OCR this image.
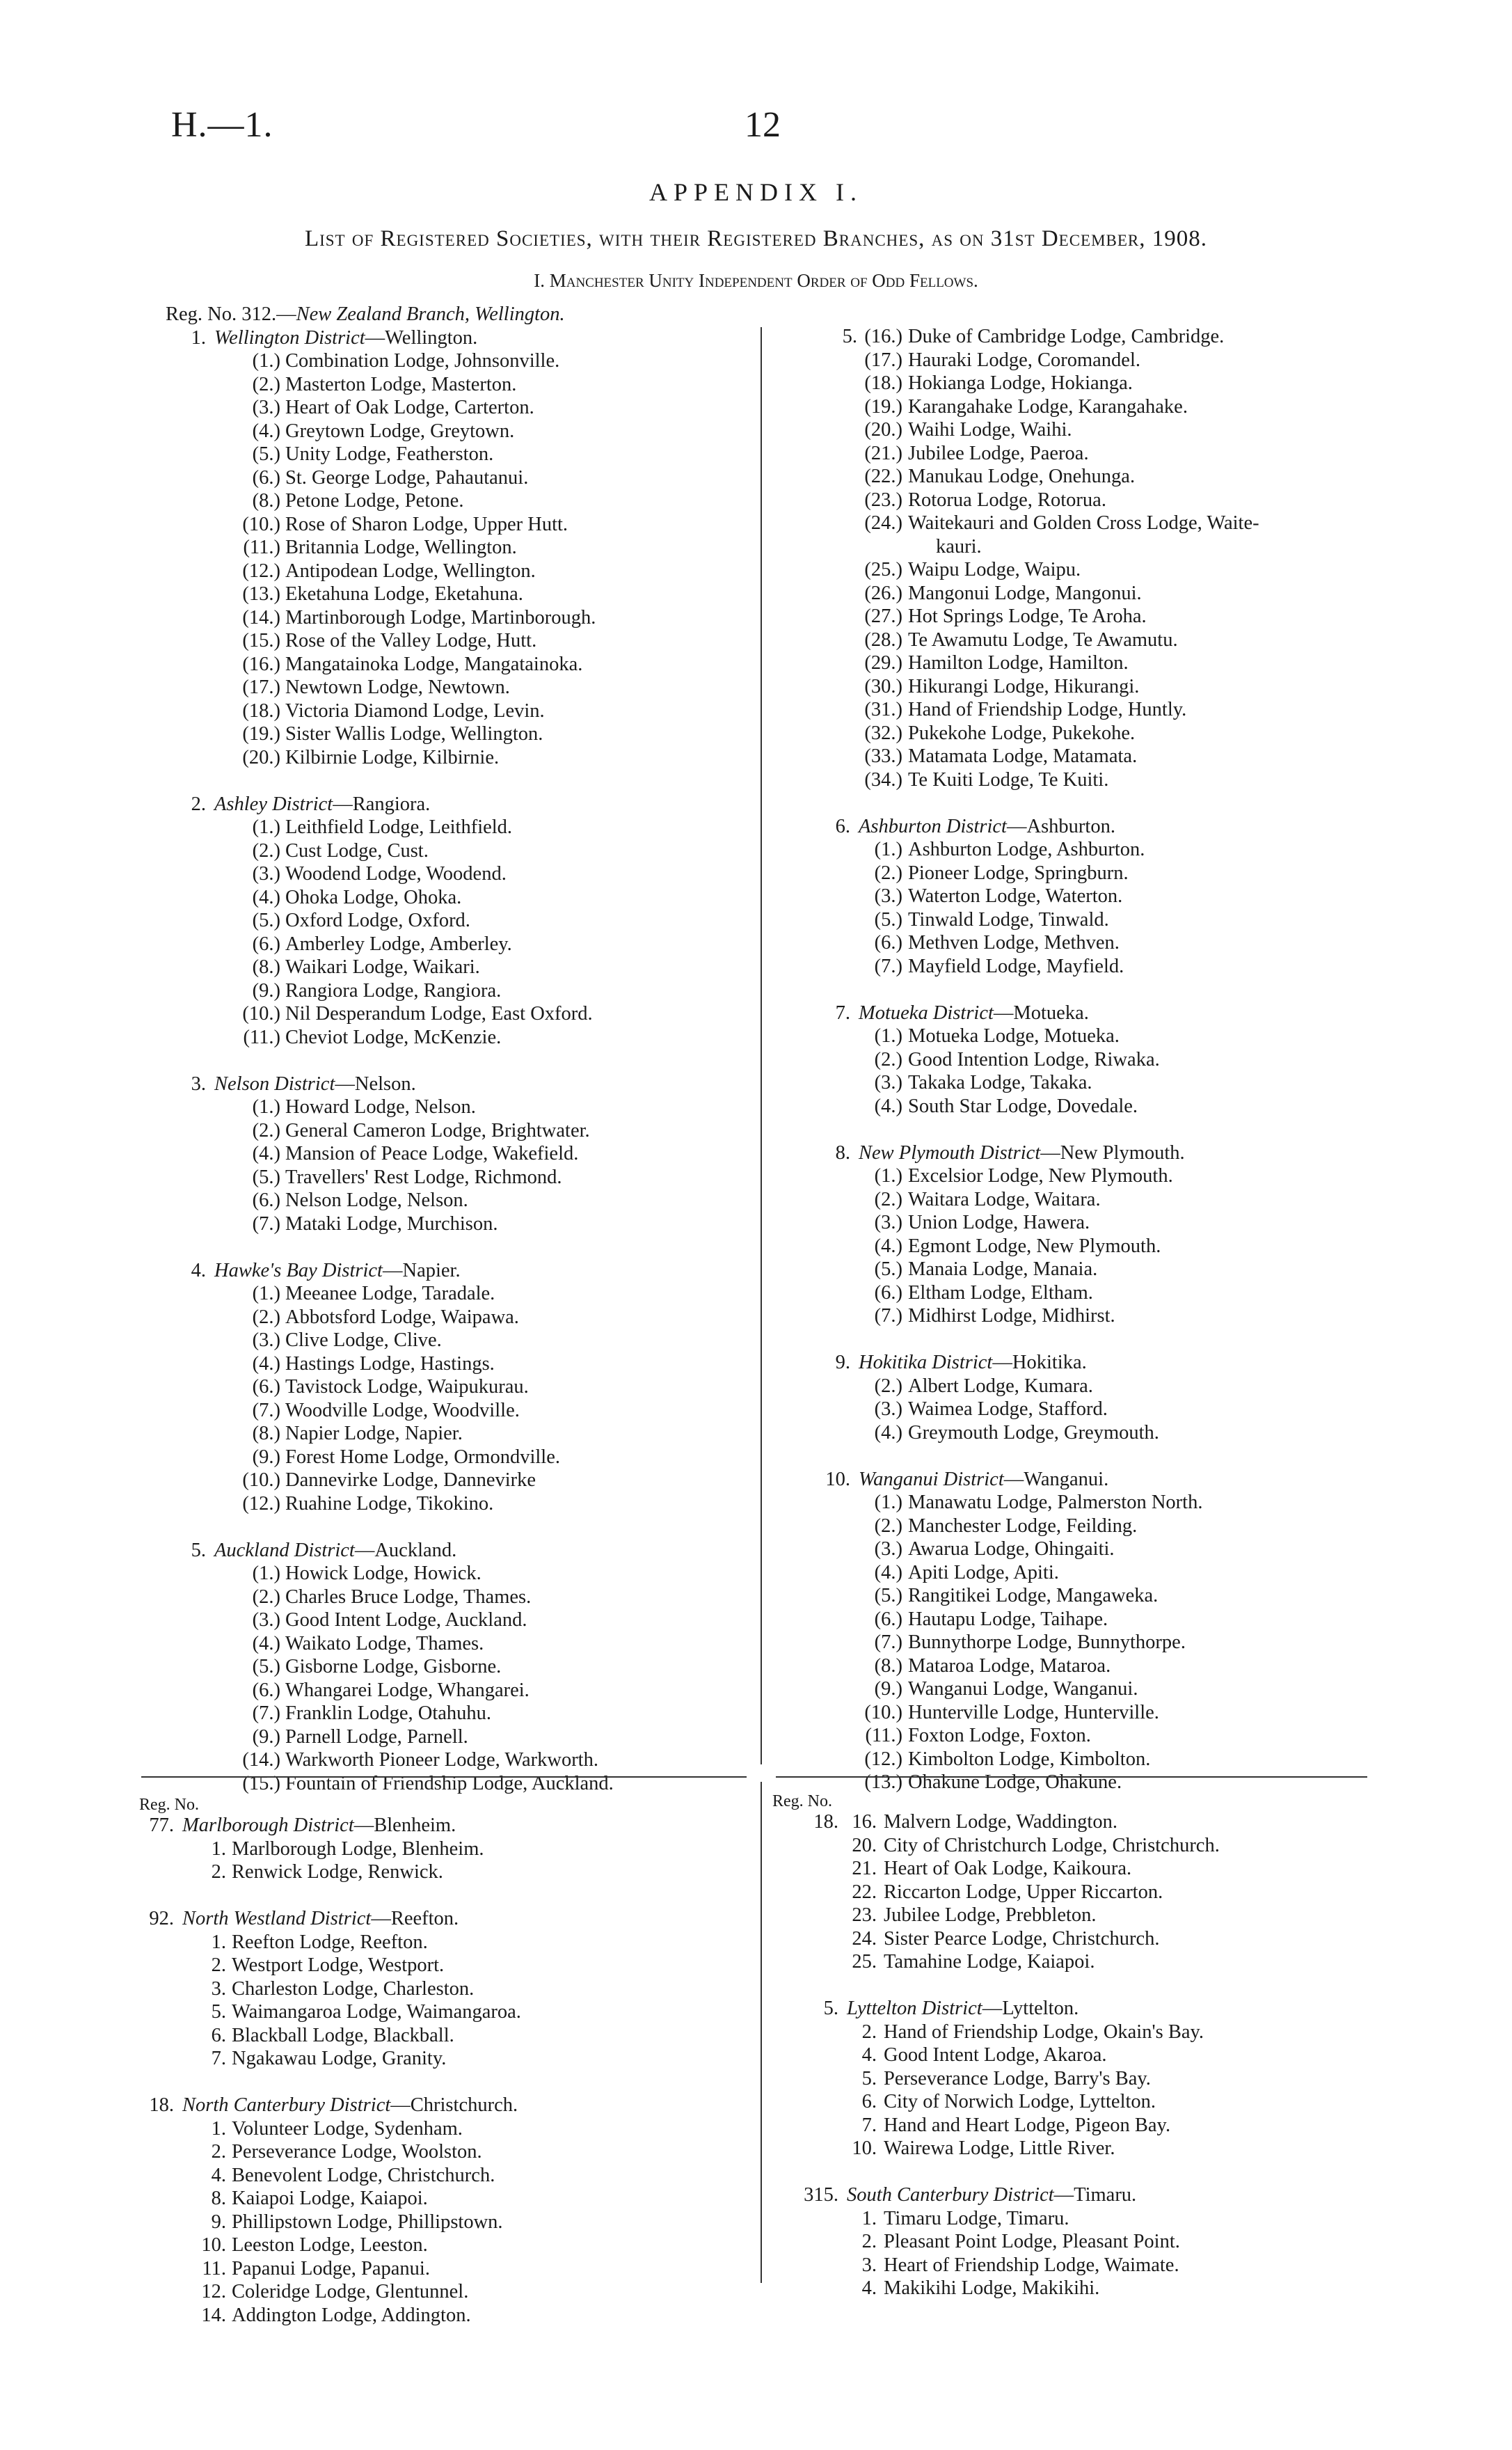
H.—1.	12
APPENDIX I.
List of Registered Societies, with their Registered Branches, as on 31st December, 1908.
I. Manchester Unity Independent Order of Odd Fellows.
Reg. No. 312.—New Zealand Branch, Wellington.
1. Wellington District—Wellington.
(1.) Combination Lodge, Johnsonville.
(2.) Masterton Lodge, Masterton.
(3.) Heart of Oak Lodge, Carterton.
(4.) Greytown Lodge, Greytown.
(5.) Unity Lodge, Featherston.
(6.) St. George Lodge, Pahautanui.
(8.) Petone Lodge, Petone.
(10.) Rose of Sharon Lodge, Upper Hutt.
(11.) Britannia Lodge, Wellington.
(12.) Antipodean Lodge, Wellington.
(13.) Eketahuna Lodge, Eketahuna.
(14.) Martinborough Lodge, Martinborough.
(15.) Rose of the Valley Lodge, Hutt.
(16.) Mangatainoka Lodge, Mangatainoka.
(17.) Newtown Lodge, Newtown.
(18.) Victoria Diamond Lodge, Levin.
(19.) Sister Wallis Lodge, Wellington.
(20.) Kilbirnie Lodge, Kilbirnie.
2. Ashley District—Rangiora.
(1.) Leithfield Lodge, Leithfield.
(2.) Cust Lodge, Cust.
(3.) Woodend Lodge, Woodend.
(4.) Ohoka Lodge, Ohoka.
(5.) Oxford Lodge, Oxford.
(6.) Amberley Lodge, Amberley.
(8.) Waikari Lodge, Waikari.
(9.) Rangiora Lodge, Rangiora.
(10.) Nil Desperandum Lodge, East Oxford.
(11.) Cheviot Lodge, McKenzie.
3. Nelson District—Nelson.
(1.) Howard Lodge, Nelson.
(2.) General Cameron Lodge, Brightwater.
(4.) Mansion of Peace Lodge, Wakefield.
(5.) Travellers' Rest Lodge, Richmond.
(6.) Nelson Lodge, Nelson.
(7.) Mataki Lodge, Murchison.
4. Hawke's Bay District—Napier.
(1.) Meeanee Lodge, Taradale.
(2.) Abbotsford Lodge, Waipawa.
(3.) Clive Lodge, Clive.
(4.) Hastings Lodge, Hastings.
(6.) Tavistock Lodge, Waipukurau.
(7.) Woodville Lodge, Woodville.
(8.) Napier Lodge, Napier.
(9.) Forest Home Lodge, Ormondville.
(10.) Dannevirke Lodge, Dannevirke
(12.) Ruahine Lodge, Tikokino.
5. Auckland District—Auckland.
(1.) Howick Lodge, Howick.
(2.) Charles Bruce Lodge, Thames.
(3.) Good Intent Lodge, Auckland.
(4.) Waikato Lodge, Thames.
(5.) Gisborne Lodge, Gisborne.
(6.) Whangarei Lodge, Whangarei.
(7.) Franklin Lodge, Otahuhu.
(9.) Parnell Lodge, Parnell.
(14.) Warkworth Pioneer Lodge, Warkworth.
(15.) Fountain of Friendship Lodge, Auckland.
5. (16.) Duke of Cambridge Lodge, Cambridge.
(17.) Hauraki Lodge, Coromandel.
(18.) Hokianga Lodge, Hokianga.
(19.) Karangahake Lodge, Karangahake.
(20.) Waihi Lodge, Waihi.
(21.) Jubilee Lodge, Paeroa.
(22.) Manukau Lodge, Onehunga.
(23.) Rotorua Lodge, Rotorua.
(24.) Waitekauri and Golden Cross Lodge, Waite-
kauri.
(25.) Waipu Lodge, Waipu.
(26.) Mangonui Lodge, Mangonui.
(27.) Hot Springs Lodge, Te Aroha.
(28.) Te Awamutu Lodge, Te Awamutu.
(29.) Hamilton Lodge, Hamilton.
(30.) Hikurangi Lodge, Hikurangi.
(31.) Hand of Friendship Lodge, Huntly.
(32.) Pukekohe Lodge, Pukekohe.
(33.) Matamata Lodge, Matamata.
(34.) Te Kuiti Lodge, Te Kuiti.
6. Ashburton District—Ashburton.
(1.) Ashburton Lodge, Ashburton.
(2.) Pioneer Lodge, Springburn.
(3.) Waterton Lodge, Waterton.
(5.) Tinwald Lodge, Tinwald.
(6.) Methven Lodge, Methven.
(7.) Mayfield Lodge, Mayfield.
7. Motueka District—Motueka.
(1.) Motueka Lodge, Motueka.
(2.) Good Intention Lodge, Riwaka.
(3.) Takaka Lodge, Takaka.
(4.) South Star Lodge, Dovedale.
8. New Plymouth District—New Plymouth.
(1.) Excelsior Lodge, New Plymouth.
(2.) Waitara Lodge, Waitara.
(3.) Union Lodge, Hawera.
(4.) Egmont Lodge, New Plymouth.
(5.) Manaia Lodge, Manaia.
(6.) Eltham Lodge, Eltham.
(7.) Midhirst Lodge, Midhirst.
9. Hokitika District—Hokitika.
(2.) Albert Lodge, Kumara.
(3.) Waimea Lodge, Stafford.
(4.) Greymouth Lodge, Greymouth.
10. Wanganui District—Wanganui.
(1.) Manawatu Lodge, Palmerston North.
(2.) Manchester Lodge, Feilding.
(3.) Awarua Lodge, Ohingaiti.
(4.) Apiti Lodge, Apiti.
(5.) Rangitikei Lodge, Mangaweka.
(6.) Hautapu Lodge, Taihape.
(7.) Bunnythorpe Lodge, Bunnythorpe.
(8.) Mataroa Lodge, Mataroa.
(9.) Wanganui Lodge, Wanganui.
(10.) Hunterville Lodge, Hunterville.
(11.) Foxton Lodge, Foxton.
(12.) Kimbolton Lodge, Kimbolton.
(13.) Ohakune Lodge, Ohakune.
Reg. No.
77. Marlborough District—Blenheim.
1. Marlborough Lodge, Blenheim.
2. Renwick Lodge, Renwick.
92. North Westland District—Reefton.
1. Reefton Lodge, Reefton.
2. Westport Lodge, Westport.
3. Charleston Lodge, Charleston.
5. Waimangaroa Lodge, Waimangaroa.
6. Blackball Lodge, Blackball.
7. Ngakawau Lodge, Granity.
18. North Canterbury District—Christchurch.
1. Volunteer Lodge, Sydenham.
2. Perseverance Lodge, Woolston.
4. Benevolent Lodge, Christchurch.
8. Kaiapoi Lodge, Kaiapoi.
9. Phillipstown Lodge, Phillipstown.
10. Leeston Lodge, Leeston.
11. Papanui Lodge, Papanui.
12. Coleridge Lodge, Glentunnel.
14. Addington Lodge, Addington.
Reg. No.
18. 16. Malvern Lodge, Waddington.
20. City of Christchurch Lodge, Christchurch.
21. Heart of Oak Lodge, Kaikoura.
22. Riccarton Lodge, Upper Riccarton.
23. Jubilee Lodge, Prebbleton.
24. Sister Pearce Lodge, Christchurch.
25. Tamahine Lodge, Kaiapoi.
5. Lyttelton District—Lyttelton.
2. Hand of Friendship Lodge, Okain's Bay.
4. Good Intent Lodge, Akaroa.
5. Perseverance Lodge, Barry's Bay.
6. City of Norwich Lodge, Lyttelton.
7. Hand and Heart Lodge, Pigeon Bay.
10. Wairewa Lodge, Little River.
315. South Canterbury District—Timaru.
1. Timaru Lodge, Timaru.
2. Pleasant Point Lodge, Pleasant Point.
3. Heart of Friendship Lodge, Waimate.
4. Makikihi Lodge, Makikihi.
